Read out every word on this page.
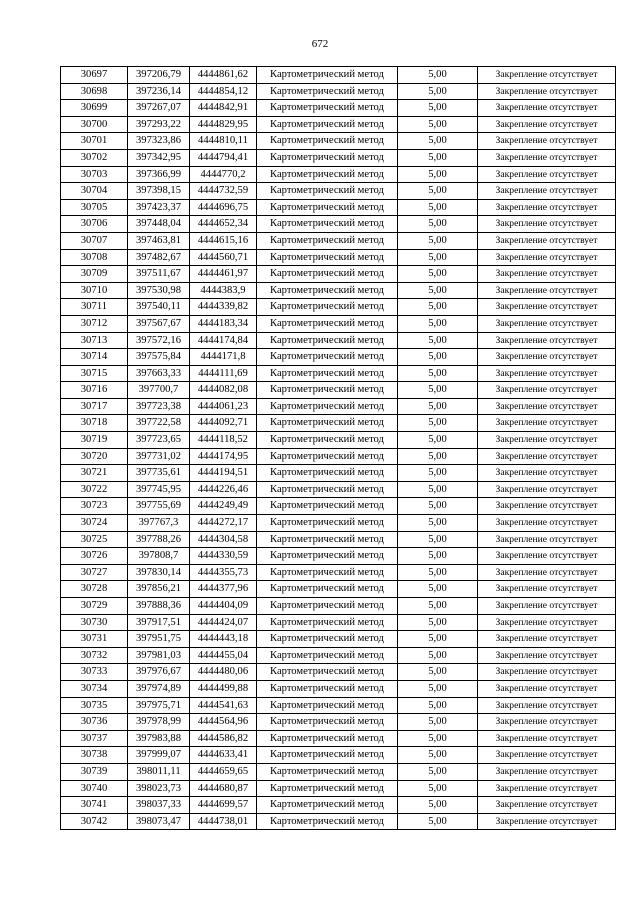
672
30697	397206,79	4444861,62	Картометрический метод	5,00	Закрепление отсутствует
30698	397236,14	4444854,12	Картометрический метод	5,00	Закрепление отсутствует
30699	397267,07	4444842,91	Картометрический метод	5,00	Закрепление отсутствует
30700	397293,22	4444829,95	Картометрический метод	5,00	Закрепление отсутствует
30701	397323,86	4444810,11	Картометрический метод	5,00	Закрепление отсутствует
30702	397342,95	4444794,41	Картометрический метод	5,00	Закрепление отсутствует
30703	397366,99	4444770,2	Картометрический метод	5,00	Закрепление отсутствует
30704	397398,15	4444732,59	Картометрический метод	5,00	Закрепление отсутствует
30705	397423,37	4444696,75	Картометрический метод	5,00	Закрепление отсутствует
30706	397448,04	4444652,34	Картометрический метод	5,00	Закрепление отсутствует
30707	397463,81	4444615,16	Картометрический метод	5,00	Закрепление отсутствует
30708	397482,67	4444560,71	Картометрический метод	5,00	Закрепление отсутствует
30709	397511,67	4444461,97	Картометрический метод	5,00	Закрепление отсутствует
30710	397530,98	4444383,9	Картометрический метод	5,00	Закрепление отсутствует
30711	397540,11	4444339,82	Картометрический метод	5,00	Закрепление отсутствует
30712	397567,67	4444183,34	Картометрический метод	5,00	Закрепление отсутствует
30713	397572,16	4444174,84	Картометрический метод	5,00	Закрепление отсутствует
30714	397575,84	4444171,8	Картометрический метод	5,00	Закрепление отсутствует
30715	397663,33	4444111,69	Картометрический метод	5,00	Закрепление отсутствует
30716	397700,7	4444082,08	Картометрический метод	5,00	Закрепление отсутствует
30717	397723,38	4444061,23	Картометрический метод	5,00	Закрепление отсутствует
30718	397722,58	4444092,71	Картометрический метод	5,00	Закрепление отсутствует
30719	397723,65	4444118,52	Картометрический метод	5,00	Закрепление отсутствует
30720	397731,02	4444174,95	Картометрический метод	5,00	Закрепление отсутствует
30721	397735,61	4444194,51	Картометрический метод	5,00	Закрепление отсутствует
30722	397745,95	4444226,46	Картометрический метод	5,00	Закрепление отсутствует
30723	397755,69	4444249,49	Картометрический метод	5,00	Закрепление отсутствует
30724	397767,3	4444272,17	Картометрический метод	5,00	Закрепление отсутствует
30725	397788,26	4444304,58	Картометрический метод	5,00	Закрепление отсутствует
30726	397808,7	4444330,59	Картометрический метод	5,00	Закрепление отсутствует
30727	397830,14	4444355,73	Картометрический метод	5,00	Закрепление отсутствует
30728	397856,21	4444377,96	Картометрический метод	5,00	Закрепление отсутствует
30729	397888,36	4444404,09	Картометрический метод	5,00	Закрепление отсутствует
30730	397917,51	4444424,07	Картометрический метод	5,00	Закрепление отсутствует
30731	397951,75	4444443,18	Картометрический метод	5,00	Закрепление отсутствует
30732	397981,03	4444455,04	Картометрический метод	5,00	Закрепление отсутствует
30733	397976,67	4444480,06	Картометрический метод	5,00	Закрепление отсутствует
30734	397974,89	4444499,88	Картометрический метод	5,00	Закрепление отсутствует
30735	397975,71	4444541,63	Картометрический метод	5,00	Закрепление отсутствует
30736	397978,99	4444564,96	Картометрический метод	5,00	Закрепление отсутствует
30737	397983,88	4444586,82	Картометрический метод	5,00	Закрепление отсутствует
30738	397999,07	4444633,41	Картометрический метод	5,00	Закрепление отсутствует
30739	398011,11	4444659,65	Картометрический метод	5,00	Закрепление отсутствует
30740	398023,73	4444680,87	Картометрический метод	5,00	Закрепление отсутствует
30741	398037,33	4444699,57	Картометрический метод	5,00	Закрепление отсутствует
30742	398073,47	4444738,01	Картометрический метод	5,00	Закрепление отсутствует
